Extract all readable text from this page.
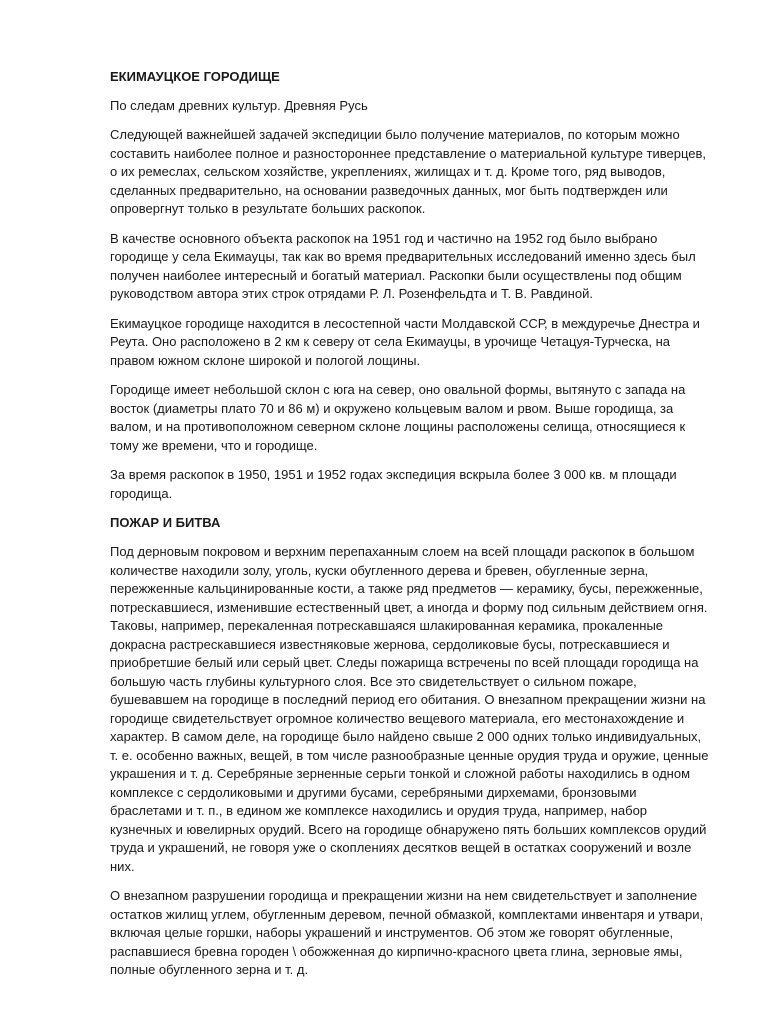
ЕКИМАУЦКОЕ ГОРОДИЩЕ
По следам древних культур. Древняя Русь

Следующей важнейшей задачей экспедиции было получение материалов, по которым можно составить наиболее полное и разностороннее представление о материальной культуре тиверцев, о их ремеслах, сельском хозяйстве, укреплениях, жилищах и т. д. Кроме того, ряд выводов, сделанных предварительно, на основании разведочных данных, мог быть подтвержден или опровергнут только в результате больших раскопок.

В качестве основного объекта раскопок на 1951 год и частично на 1952 год было выбрано городище у села Екимауцы, так как во время предварительных исследований именно здесь был получен наиболее интересный и богатый материал. Раскопки были осуществлены под общим руководством автора этих строк отрядами Р. Л. Розенфельдта и Т. В. Равдиной.

Екимауцкое городище находится в лесостепной части Молдавской ССР, в междуречье Днестра и Реута. Оно расположено в 2 км к северу от села Екимауцы, в урочище Четацуя-Турческа, на правом южном склоне широкой и пологой лощины.

Городище имеет небольшой склон с юга на север, оно овальной формы, вытянуто с запада на восток (диаметры плато 70 и 86 м) и окружено кольцевым валом и рвом. Выше городища, за валом, и на противоположном северном склоне лощины расположены селища, относящиеся к тому же времени, что и городище.

За время раскопок в 1950, 1951 и 1952 годах экспедиция вскрыла более 3 000 кв. м площади городища.

ПОЖАР И БИТВА

Под дерновым покровом и верхним перепаханным слоем на всей площади раскопок в большом количестве находили золу, уголь, куски обугленного дерева и бревен, обугленные зерна, пережженные кальцинированные кости, а также ряд предметов — керамику, бусы, пережженные, потрескавшиеся, изменившие естественный цвет, а иногда и форму под сильным действием огня. Таковы, например, перекаленная потрескавшаяся шлакированная керамика, прокаленные докрасна растрескавшиеся известняковые жернова, сердоликовые бусы, потрескавшиеся и приобретшие белый или серый цвет. Следы пожарища встречены по всей площади городища на большую часть глубины культурного слоя. Все это свидетельствует о сильном пожаре, бушевавшем на городище в последний период его обитания. О внезапном прекращении жизни на городище свидетельствует огромное количество вещевого материала, его местонахождение и характер. В самом деле, на городище было найдено свыше 2 000 одних только индивидуальных, т. е. особенно важных, вещей, в том числе разнообразные ценные орудия труда и оружие, ценные украшения и т. д. Серебряные зерненные серьги тонкой и сложной работы находились в одном комплексе с сердоликовыми и другими бусами, серебряными дирхемами, бронзовыми браслетами и т. п., в едином же комплексе находились и орудия труда, например, набор кузнечных и ювелирных орудий. Всего на городище обнаружено пять больших комплексов орудий труда и украшений, не говоря уже о скоплениях десятков вещей в остатках сооружений и возле них.

О внезапном разрушении городища и прекращении жизни на нем свидетельствует и заполнение остатков жилищ углем, обугленным деревом, печной обмазкой, комплектами инвентаря и утвари, включая целые горшки, наборы украшений и инструментов. Об этом же говорят обугленные, распавшиеся бревна городен \ обожженная до кирпично-красного цвета глина, зерновые ямы, полные обугленного зерна и т. д.
